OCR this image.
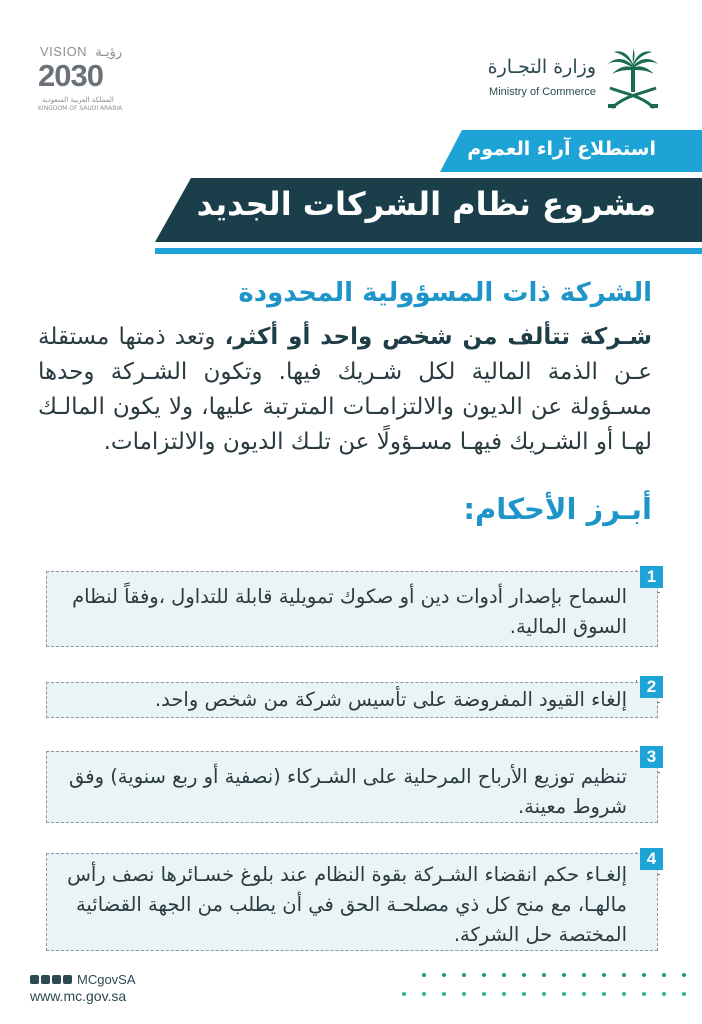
VISION رؤيـة
2030
المملكة العربية السعودية
KINGDOM OF SAUDI ARABIA
وزارة التجـارة
Ministry of Commerce
استطلاع آراء العموم
مشروع نظام الشركات الجديد
الشركة ذات المسؤولية المحدودة

شـركة تتألف من شخص واحد أو أكثر، وتعد ذمتها مستقلة عـن الذمة المالية لكل شـريك فيها. وتكون الشـركة وحدها مسـؤولة عن الديون والالتزامـات المترتبة عليها، ولا يكون المالـك لهـا أو الشـريك فيهـا مسـؤولًا عن تلـك الديون والالتزامات.

أبـرز الأحكام:

السماح بإصدار أدوات دين أو صكوك تمويلية قابلة للتداول ،وفقاً لنظام السوق المالية.

1

إلغاء القيود المفروضة على تأسيس شركة من شخص واحد.

2

تنظيم توزيع الأرباح المرحلية على الشـركاء (نصفية أو ربع سنوية) وفق شروط معينة.

3

إلغـاء حكم انقضاء الشـركة بقوة النظام عند بلوغ خسـائرها نصف رأس مالهـا، مع منح كل ذي مصلحـة الحق في أن يطلب من الجهة القضائية المختصة حل الشركة.

4
MCgovSA
www.mc.gov.sa
